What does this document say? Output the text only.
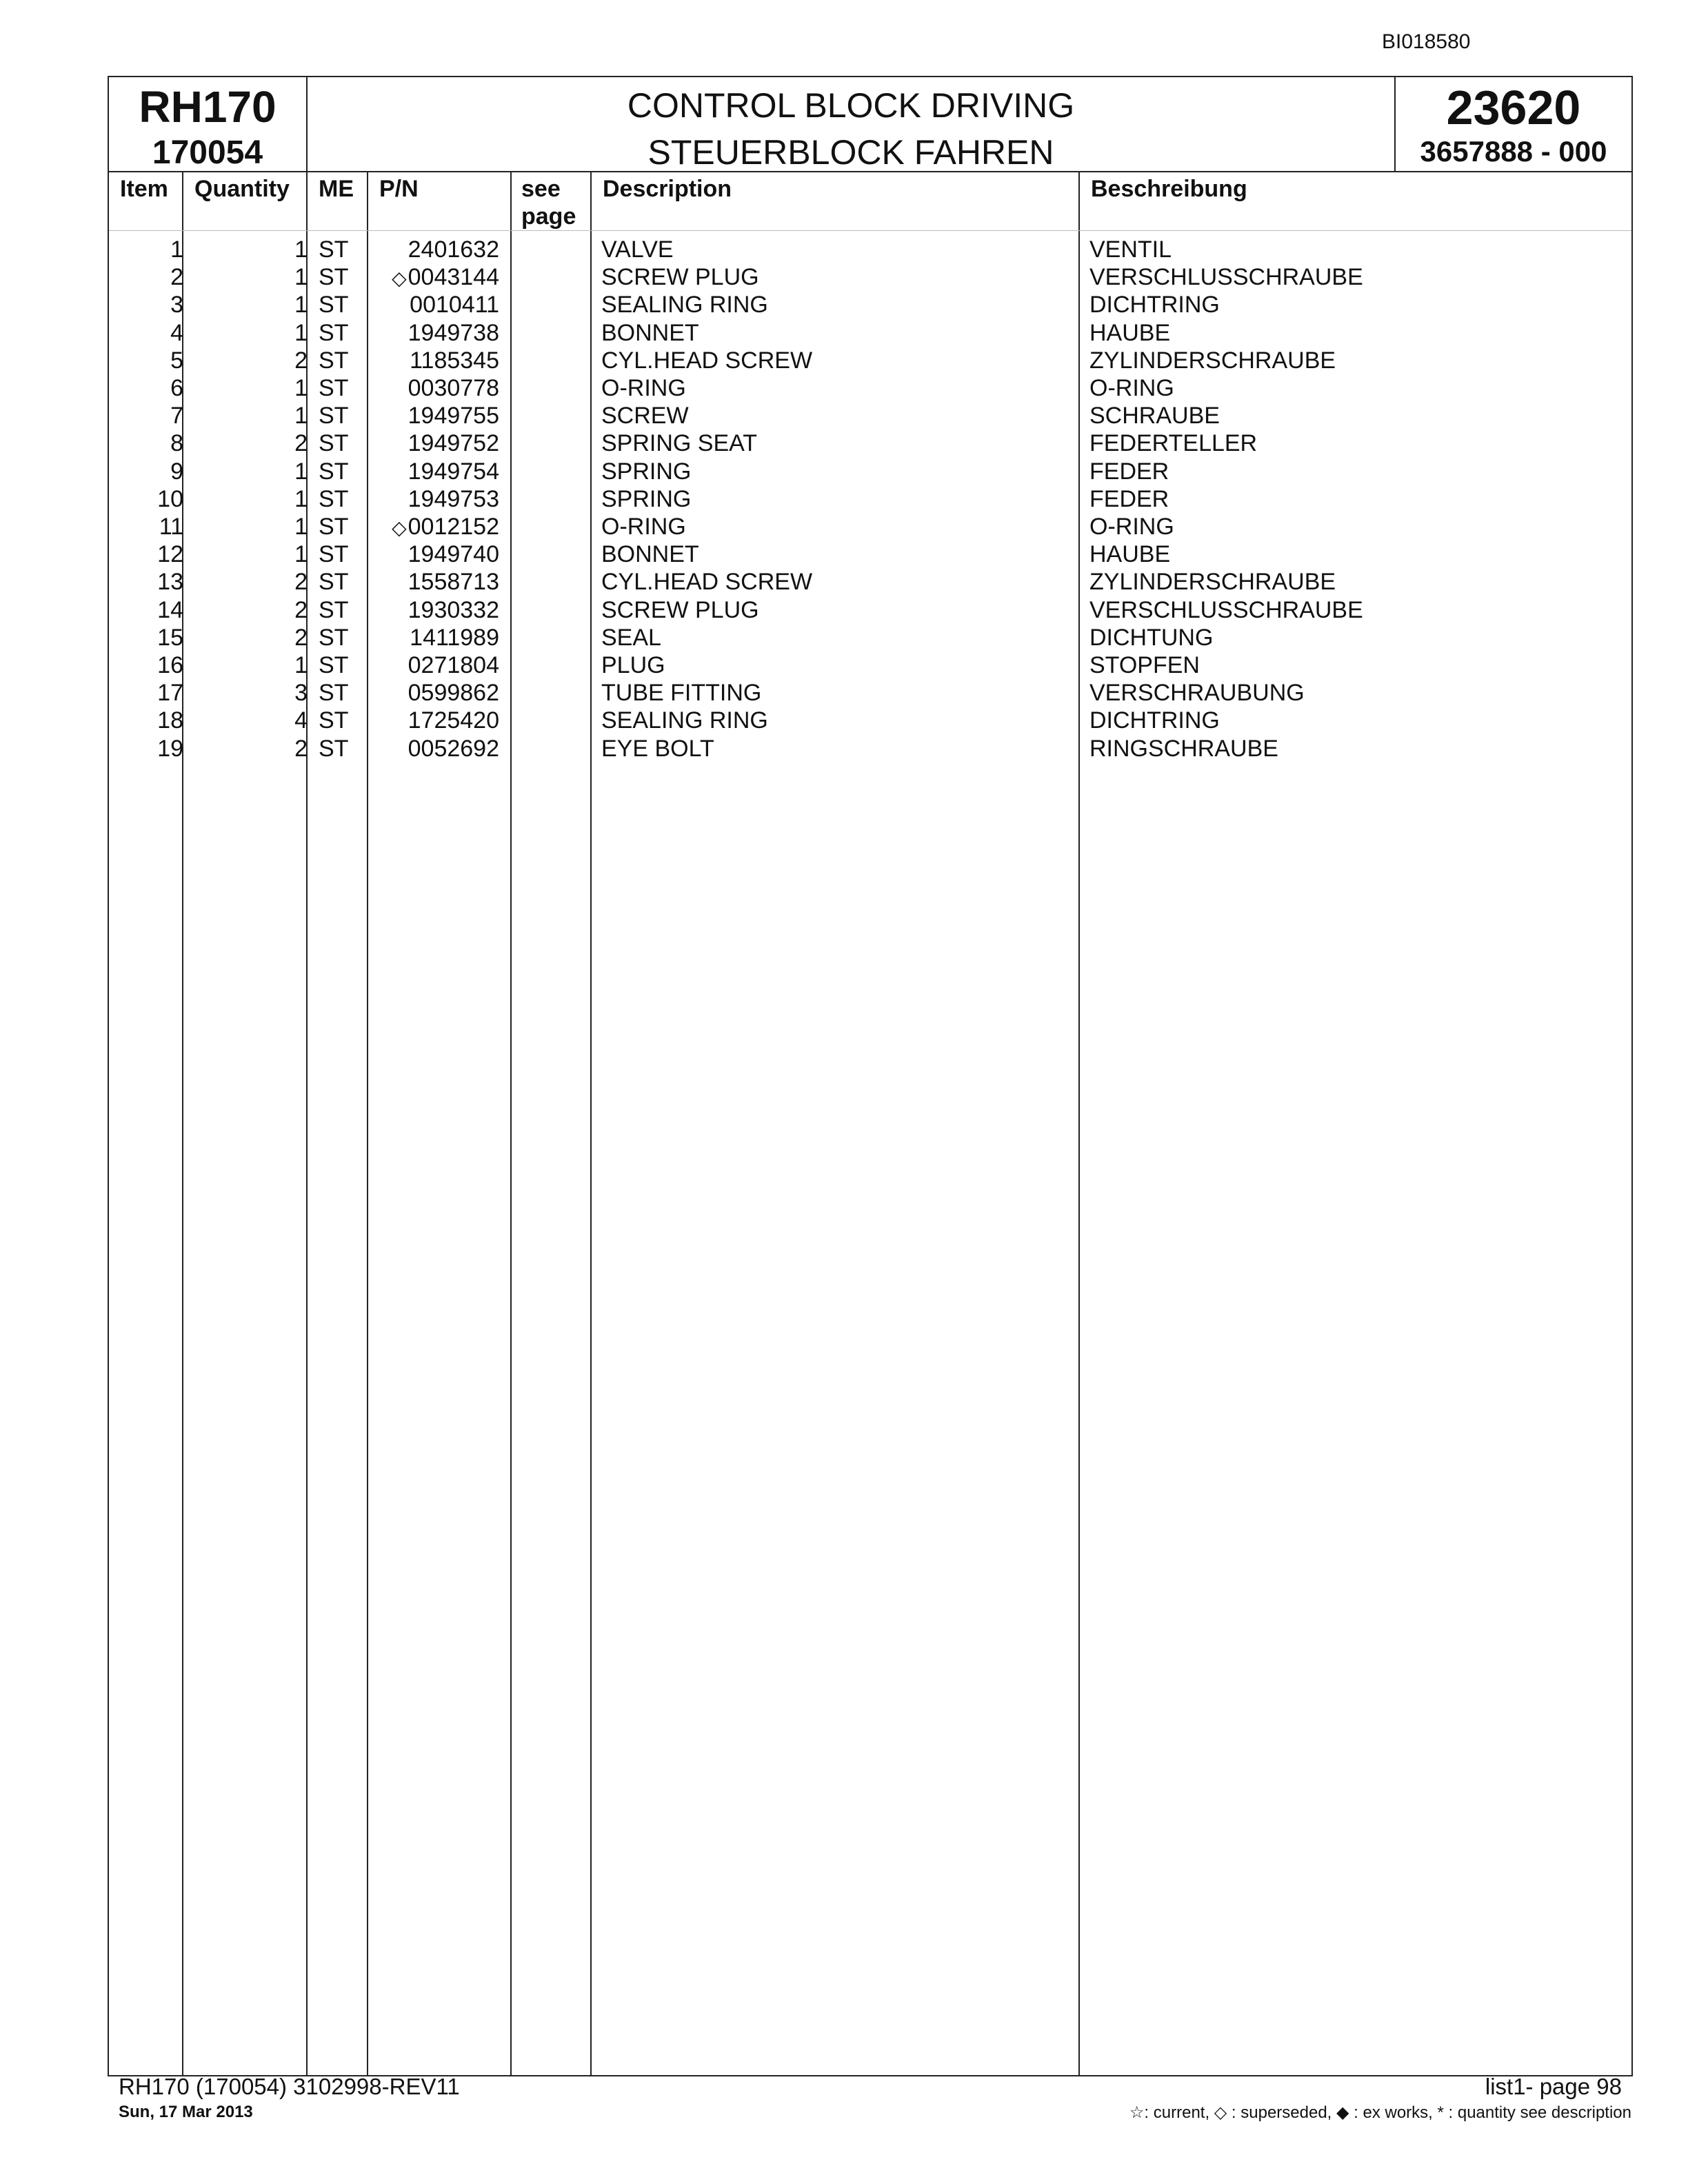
BI018580
RH170
170054
CONTROL BLOCK DRIVING
STEUERBLOCK FAHREN
23620
3657888 - 000
Item Quantity ME P/N	see
page
Description	Beschreibung
1	1 ST	2401632	VALVE	VENTIL
2	1 ST ◇0043144	SCREW PLUG	VERSCHLUSSCHRAUBE
3	1 ST	0010411	SEALING RING	DICHTRING
4	1 ST	1949738	BONNET	HAUBE
5	2 ST	1185345	CYL.HEAD SCREW	ZYLINDERSCHRAUBE
6	1 ST	0030778	O-RING	O-RING
7	1 ST	1949755	SCREW	SCHRAUBE
8	2 ST	1949752	SPRING SEAT	FEDERTELLER
9	1 ST	1949754	SPRING	FEDER
10	1 ST	1949753	SPRING	FEDER
11	1 ST ◇0012152	O-RING	O-RING
12	1 ST	1949740	BONNET	HAUBE
13	2 ST	1558713	CYL.HEAD SCREW	ZYLINDERSCHRAUBE
14	2 ST	1930332	SCREW PLUG	VERSCHLUSSCHRAUBE
15	2 ST	1411989	SEAL	DICHTUNG
16	1 ST	0271804	PLUG	STOPFEN
17	3 ST	0599862	TUBE FITTING	VERSCHRAUBUNG
18	4 ST	1725420	SEALING RING	DICHTRING
19	2 ST	0052692	EYE BOLT	RINGSCHRAUBE
RH170 (170054) 3102998-REV11
Sun, 17 Mar 2013
list1- page 98
☆: current, ◇ : superseded, ◆ : ex works, * : quantity see description
